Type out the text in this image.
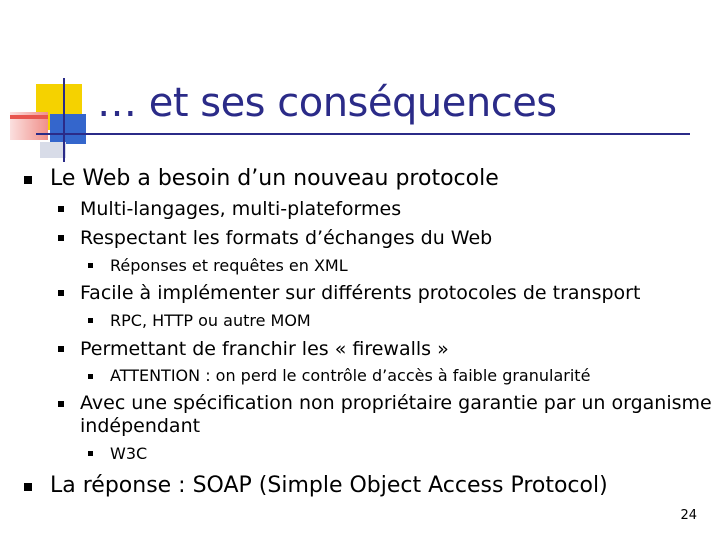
… et ses conséquences
Le Web a besoin d’un nouveau protocole
Multi-langages, multi-plateformes
Respectant les formats d’échanges du Web
Réponses et requêtes en XML
Facile à implémenter sur différents protocoles de transport
RPC, HTTP ou autre MOM
Permettant de franchir les « firewalls »
ATTENTION : on perd le contrôle d’accès à faible granularité
Avec une spécification non propriétaire garantie par un organisme
indépendant
W3C
La réponse : SOAP (Simple Object Access Protocol)
24
